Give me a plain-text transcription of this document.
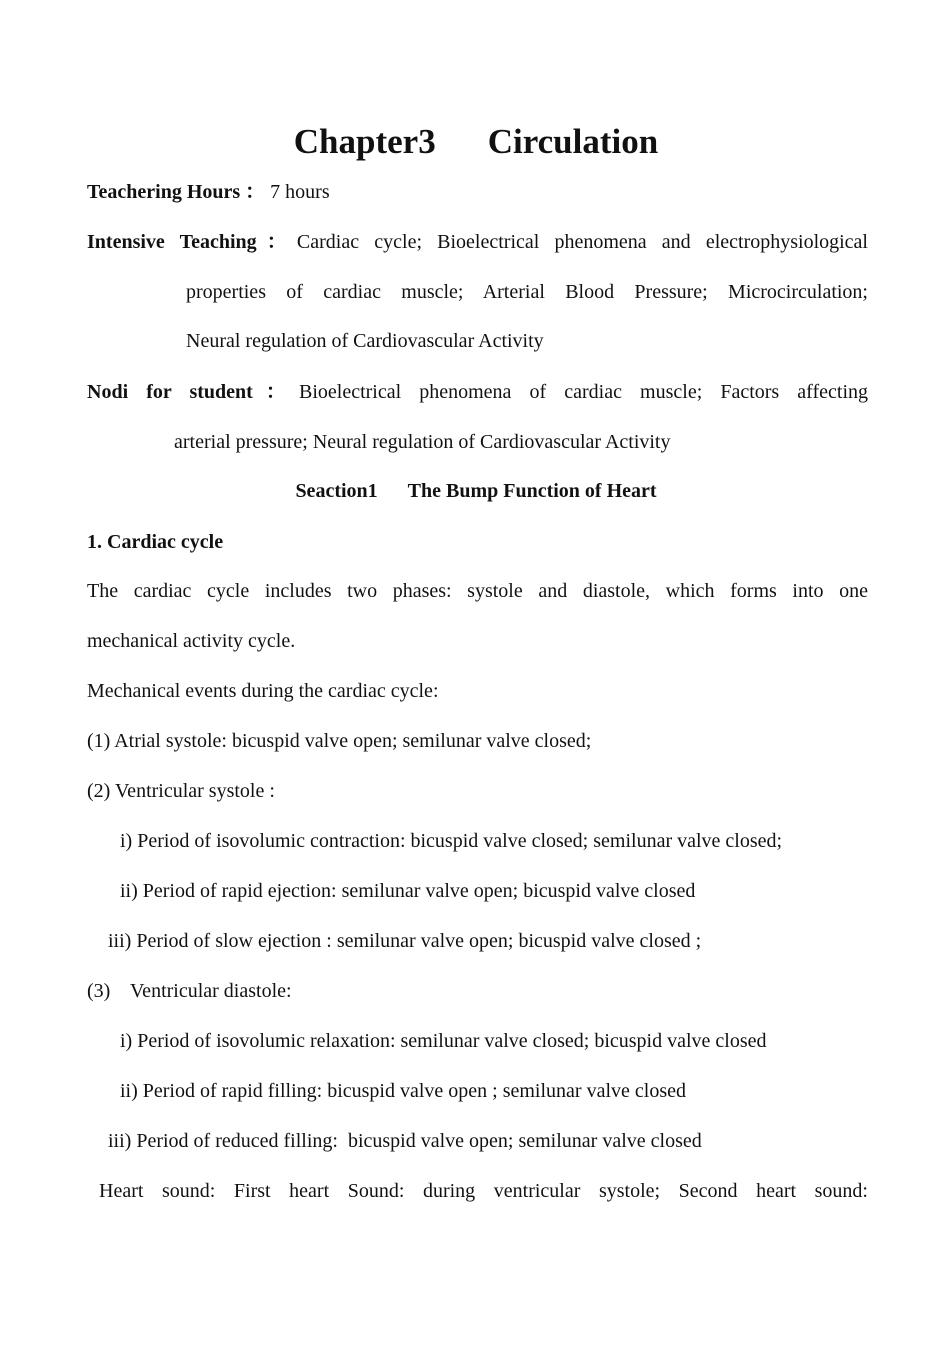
Chapter3 Circulation
Teachering Hours ： 7 hours
Intensive Teaching：Cardiac cycle; Bioelectrical phenomena and electrophysiological
properties of cardiac muscle; Arterial Blood Pressure; Microcirculation;
Neural regulation of Cardiovascular Activity
Nodi for student：Bioelectrical phenomena of cardiac muscle; Factors affecting
arterial pressure; Neural regulation of Cardiovascular Activity
Seaction1 The Bump Function of Heart
1. Cardiac cycle
The cardiac cycle includes two phases: systole and diastole, which forms into one
mechanical activity cycle.
Mechanical events during the cardiac cycle:
(1) Atrial systole: bicuspid valve open; semilunar valve closed;
(2) Ventricular systole :
i) Period of isovolumic contraction: bicuspid valve closed; semilunar valve closed;
ii) Period of rapid ejection: semilunar valve open; bicuspid valve closed
iii) Period of slow ejection : semilunar valve open; bicuspid valve closed ;
(3)    Ventricular diastole:
i) Period of isovolumic relaxation: semilunar valve closed; bicuspid valve closed
ii) Period of rapid filling: bicuspid valve open ; semilunar valve closed
iii) Period of reduced filling:  bicuspid valve open; semilunar valve closed
Heart sound: First heart Sound: during ventricular systole; Second heart sound:
